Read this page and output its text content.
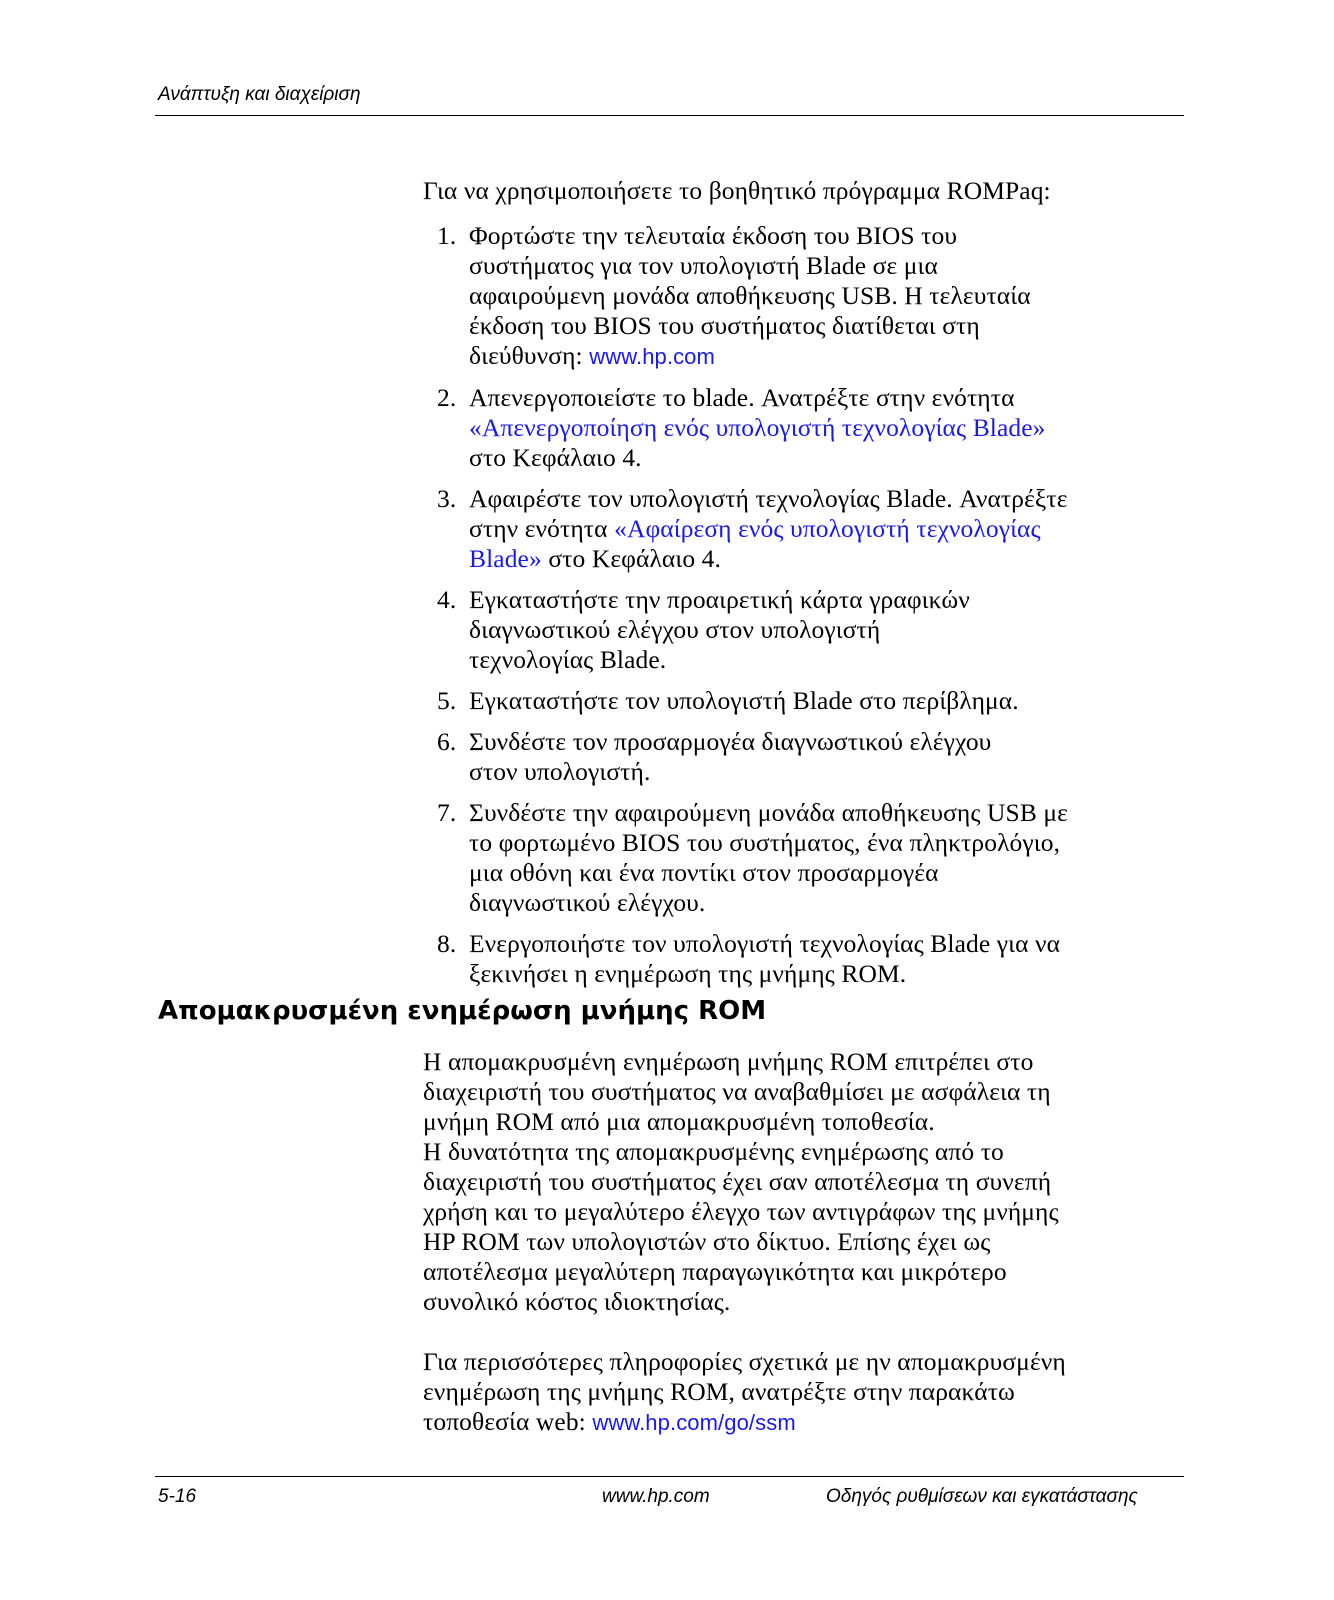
Ανάπτυξη και διαχείριση
Για να χρησιμοποιήσετε το βοηθητικό πρόγραμμα ROMPaq:
1. Φορτώστε την τελευταία έκδοση του BIOS του
συστήματος για τον υπολογιστή Blade σε μια
αφαιρούμενη μονάδα αποθήκευσης USB. Η τελευταία
έκδοση του BIOS του συστήματος διατίθεται στη
διεύθυνση: www.hp.com
2. Απενεργοποιείστε το blade. Ανατρέξτε στην ενότητα
«Απενεργοποίηση ενός υπολογιστή τεχνολογίας Blade»
στο Κεφάλαιο 4.
3. Αφαιρέστε τον υπολογιστή τεχνολογίας Blade. Ανατρέξτε
στην ενότητα «Αφαίρεση ενός υπολογιστή τεχνολογίας
Blade» στο Κεφάλαιο 4.
4. Εγκαταστήστε την προαιρετική κάρτα γραφικών
διαγνωστικού ελέγχου στον υπολογιστή
τεχνολογίας Blade.
5. Εγκαταστήστε τον υπολογιστή Blade στο περίβλημα.
6. Συνδέστε τον προσαρμογέα διαγνωστικού ελέγχου
στον υπολογιστή.
7. Συνδέστε την αφαιρούμενη μονάδα αποθήκευσης USB με
το φορτωμένο BIOS του συστήματος, ένα πληκτρολόγιο,
μια οθόνη και ένα ποντίκι στον προσαρμογέα
διαγνωστικού ελέγχου.
8. Ενεργοποιήστε τον υπολογιστή τεχνολογίας Blade για να
ξεκινήσει η ενημέρωση της μνήμης ROM.
Απομακρυσμένη ενημέρωση μνήμης ROM

Η απομακρυσμένη ενημέρωση μνήμης ROM επιτρέπει στο
διαχειριστή του συστήματος να αναβαθμίσει με ασφάλεια τη
μνήμη ROM από μια απομακρυσμένη τοποθεσία.
Η δυνατότητα της απομακρυσμένης ενημέρωσης από το
διαχειριστή του συστήματος έχει σαν αποτέλεσμα τη συνεπή
χρήση και το μεγαλύτερο έλεγχο των αντιγράφων της μνήμης
HP ROM των υπολογιστών στο δίκτυο. Επίσης έχει ως
αποτέλεσμα μεγαλύτερη παραγωγικότητα και μικρότερο
συνολικό κόστος ιδιοκτησίας.

Για περισσότερες πληροφορίες σχετικά με ην απομακρυσμένη
ενημέρωση της μνήμης ROM, ανατρέξτε στην παρακάτω
τοποθεσία web: www.hp.com/go/ssm

5-16	www.hp.com	Οδηγός ρυθμίσεων και εγκατάστασης
